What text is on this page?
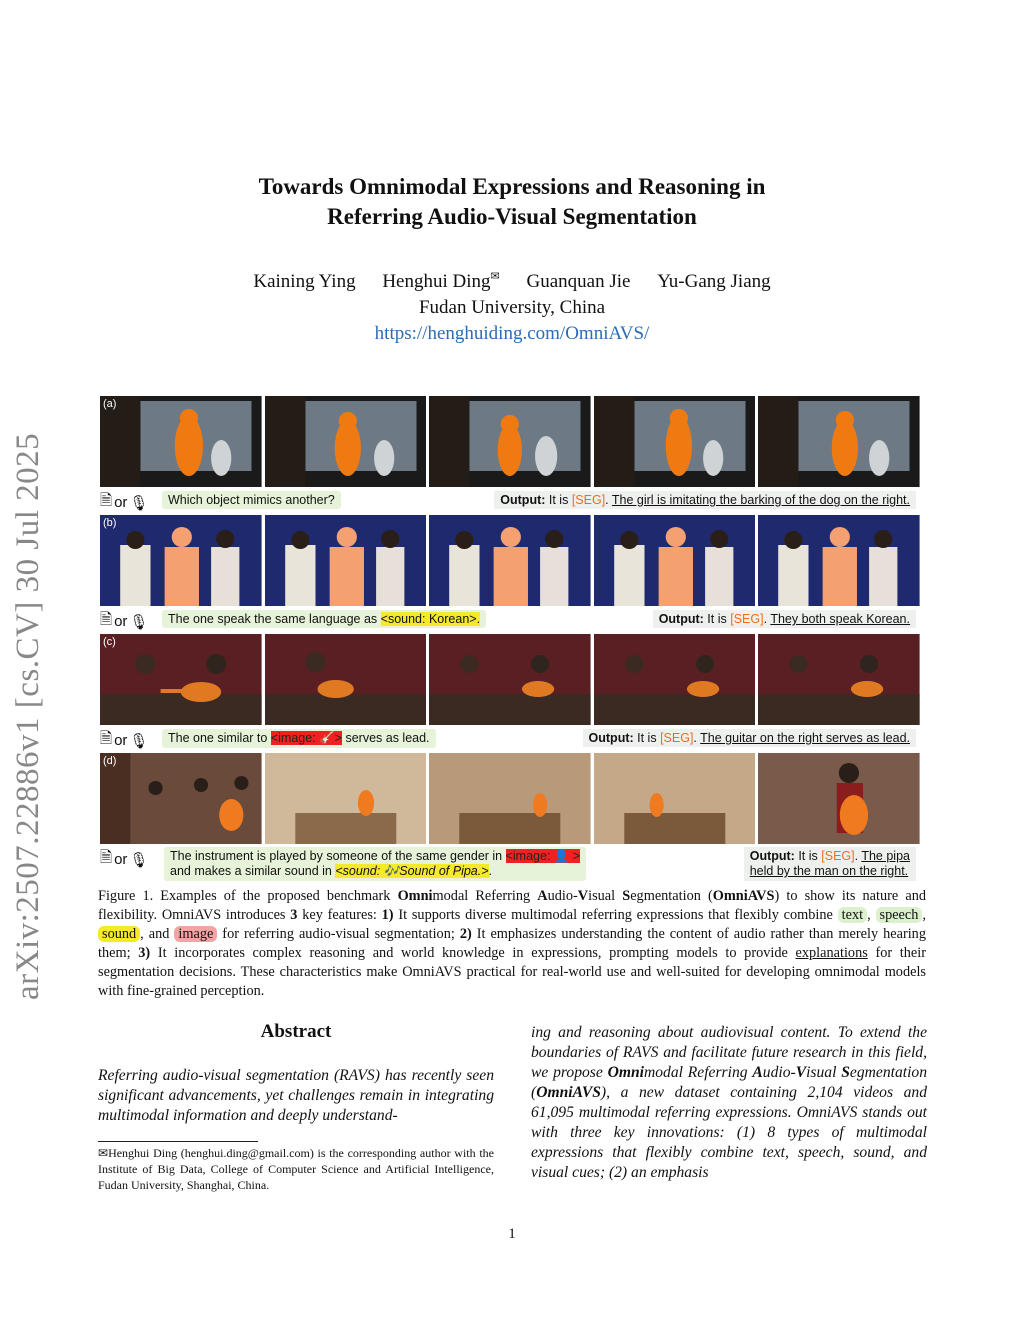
arXiv:2507.22886v1 [cs.CV] 30 Jul 2025
Towards Omnimodal Expressions and Reasoning in
Referring Audio-Visual Segmentation
Kaining Ying Henghui Ding✉ Guanquan Jie Yu-Gang Jiang
Fudan University, China
https://henghuiding.com/OmniAVS/
(a)
🗎 or 🎙	Which object mimics another?	Output: It is [SEG]. The girl is imitating the barking of the dog on the right.
(b)
🗎 or 🎙	The one speak the same language as <sound: Korean>.	Output: It is [SEG]. They both speak Korean.
(c)
🗎 or 🎙	The one similar to <image: 🎸> serves as lead.	Output: It is [SEG]. The guitar on the right serves as lead.
(d)
🗎 or 🎙	The instrument is played by someone of the same gender in <image: 👤 >
and makes a similar sound in <sound: 🎶Sound of Pipa.>.
Output: It is [SEG]. The pipa
held by the man on the right.
Figure 1. Examples of the proposed benchmark Omnimodal Referring Audio-Visual Segmentation (OmniAVS) to show its nature and flexibility. OmniAVS introduces 3 key features: 1) It supports diverse multimodal referring expressions that flexibly combine text , speech , sound , and image for referring audio-visual segmentation; 2) It emphasizes understanding the content of audio rather than merely hearing them; 3) It incorporates complex reasoning and world knowledge in expressions, prompting models to provide explanations for their segmentation decisions. These characteristics make OmniAVS practical for real-world use and well-suited for developing omnimodal models with fine-grained perception.
Abstract
Referring audio-visual segmentation (RAVS) has recently seen significant advancements, yet challenges remain in integrating multimodal information and deeply understand-
ing and reasoning about audiovisual content. To extend the boundaries of RAVS and facilitate future research in this field, we propose Omnimodal Referring Audio-Visual Segmentation (OmniAVS), a new dataset containing 2,104 videos and 61,095 multimodal referring expressions. OmniAVS stands out with three key innovations: (1) 8 types of multimodal expressions that flexibly combine text, speech, sound, and visual cues; (2) an emphasis
✉Henghui Ding (henghui.ding@gmail.com) is the corresponding author with the Institute of Big Data, College of Computer Science and Artificial Intelligence, Fudan University, Shanghai, China.
1
